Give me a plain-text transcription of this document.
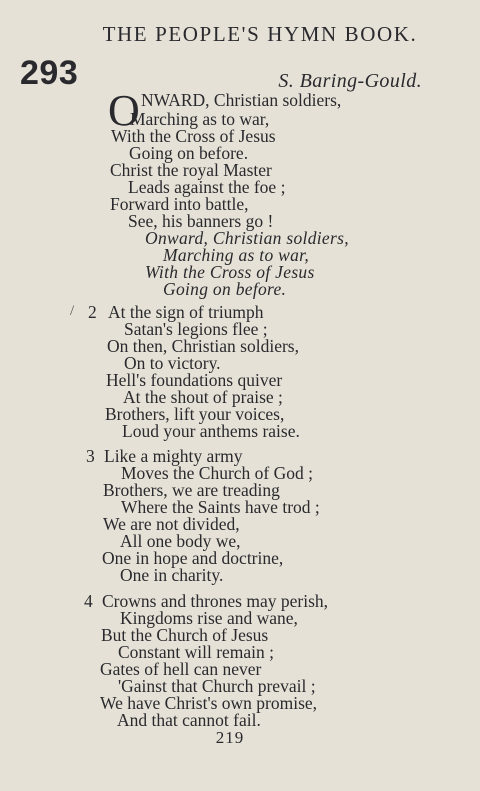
THE PEOPLE'S HYMN BOOK.
293	S. Baring-Gould.
O NWARD, Christian soldiers,
Marching as to war,
With the Cross of Jesus
Going on before.
Christ the royal Master
Leads against the foe ;
Forward into battle,
See, his banners go !
Onward, Christian soldiers,
Marching as to war,
With the Cross of Jesus
Going on before.
/ 2 At the sign of triumph
Satan's legions flee ;
On then, Christian soldiers,
On to victory.
Hell's foundations quiver
At the shout of praise ;
Brothers, lift your voices,
Loud your anthems raise.
3 Like a mighty army
Moves the Church of God ;
Brothers, we are treading
Where the Saints have trod ;
We are not divided,
All one body we,
One in hope and doctrine,
One in charity.
4 Crowns and thrones may perish,
Kingdoms rise and wane,
But the Church of Jesus
Constant will remain ;
Gates of hell can never
'Gainst that Church prevail ;
We have Christ's own promise,
And that cannot fail.
219
